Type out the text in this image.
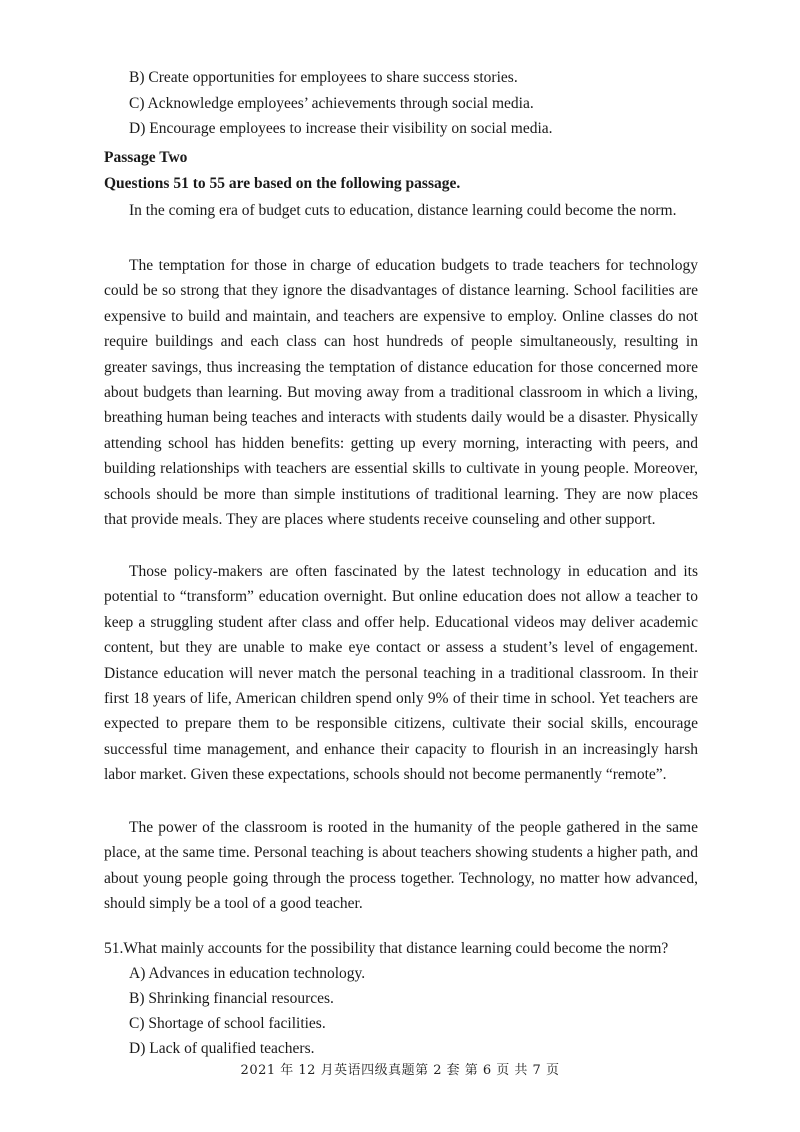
B) Create opportunities for employees to share success stories.
C) Acknowledge employees’ achievements through social media.
D) Encourage employees to increase their visibility on social media.
Passage Two
Questions 51 to 55 are based on the following passage.

In the coming era of budget cuts to education, distance learning could become the norm.

The temptation for those in charge of education budgets to trade teachers for technology could be so strong that they ignore the disadvantages of distance learning. School facilities are expensive to build and maintain, and teachers are expensive to employ. Online classes do not require buildings and each class can host hundreds of people simultaneously, resulting in greater savings, thus increasing the temptation of distance education for those concerned more about budgets than learning. But moving away from a traditional classroom in which a living, breathing human being teaches and interacts with students daily would be a disaster. Physically attending school has hidden benefits: getting up every morning, interacting with peers, and building relationships with teachers are essential skills to cultivate in young people. Moreover, schools should be more than simple institutions of traditional learning. They are now places that provide meals. They are places where students receive counseling and other support.

Those policy-makers are often fascinated by the latest technology in education and its potential to “transform” education overnight. But online education does not allow a teacher to keep a struggling student after class and offer help. Educational videos may deliver academic content, but they are unable to make eye contact or assess a student’s level of engagement. Distance education will never match the personal teaching in a traditional classroom. In their first 18 years of life, American children spend only 9% of their time in school. Yet teachers are expected to prepare them to be responsible citizens, cultivate their social skills, encourage successful time management, and enhance their capacity to flourish in an increasingly harsh labor market. Given these expectations, schools should not become permanently “remote”.

The power of the classroom is rooted in the humanity of the people gathered in the same place, at the same time. Personal teaching is about teachers showing students a higher path, and about young people going through the process together. Technology, no matter how advanced, should simply be a tool of a good teacher.

51.What mainly accounts for the possibility that distance learning could become the norm?
A) Advances in education technology.
B) Shrinking financial resources.
C) Shortage of school facilities.
D) Lack of qualified teachers.
2021 年 12 月英语四级真题第 2 套 第 6 页 共 7 页
